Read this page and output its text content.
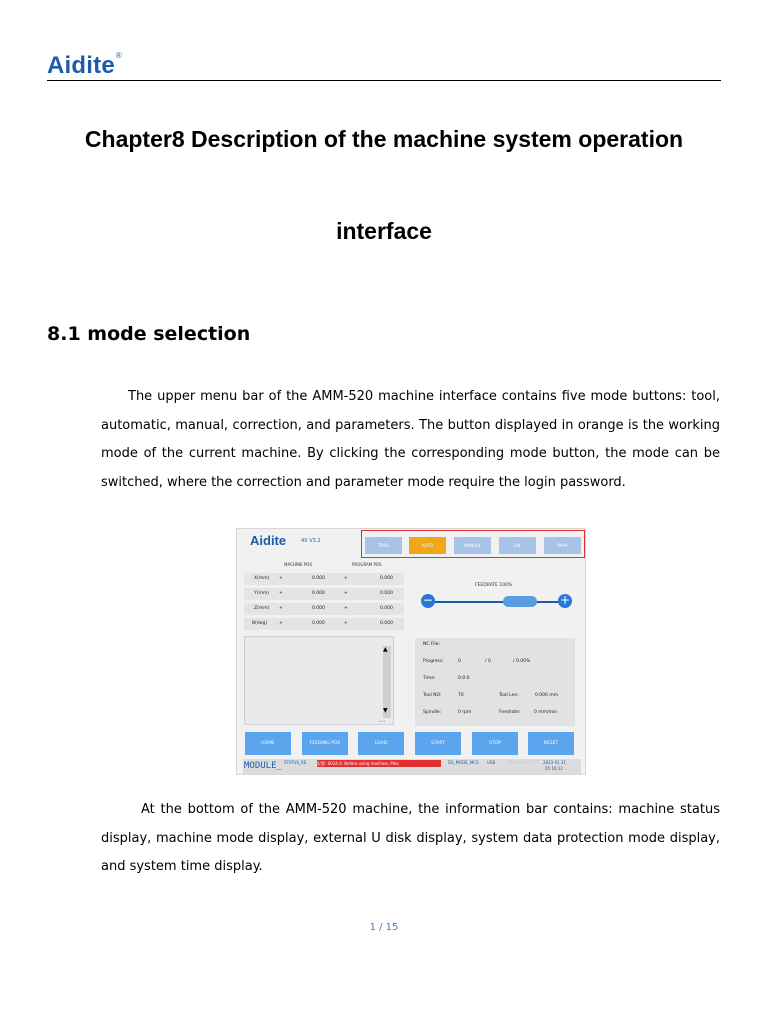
Aidite®
Chapter8 Description of the machine system operation
interface
8.1 mode selection
The upper menu bar of the AMM-520 machine interface contains five mode buttons: tool, automatic, manual, correction, and parameters. The button displayed in orange is the working mode of the current machine. By clicking the corresponding mode button, the mode can be switched, where the correction and parameter mode require the login password.
Aidite	4X V3.2
TOOL	AUTO	MANUAL	CAL	PARA
MACHINE POS	PROGRAM POS
X(mm) +	0.000	+	0.000
Y(mm) +	0.000	+	0.000
Z(mm) +	0.000	+	0.000
B(deg)	+	0.000	+	0.000
FEEDRATE 100%
−	+
▲
▼
←/→
NC File:
Progress:	0	/ 0	/ 0.00%
Time:	0:0:0
Tool NO:	T0	Tool Len:	0.000 mm
Spindle:	0 rpm	Feedrate:	0 mm/min
HOME	FEEDING POS	LOAD	START	STOP	RESET
MODULE_ STATUS_RE	报警: 0024.0: Before using machine, Plea	DS_MODE_MCS USB	DATA PROTECT 2023 01 31
05:16:12
At the bottom of the AMM-520 machine, the information bar contains: machine status display, machine mode display, external U disk display, system data protection mode display, and system time display.
1 / 15
